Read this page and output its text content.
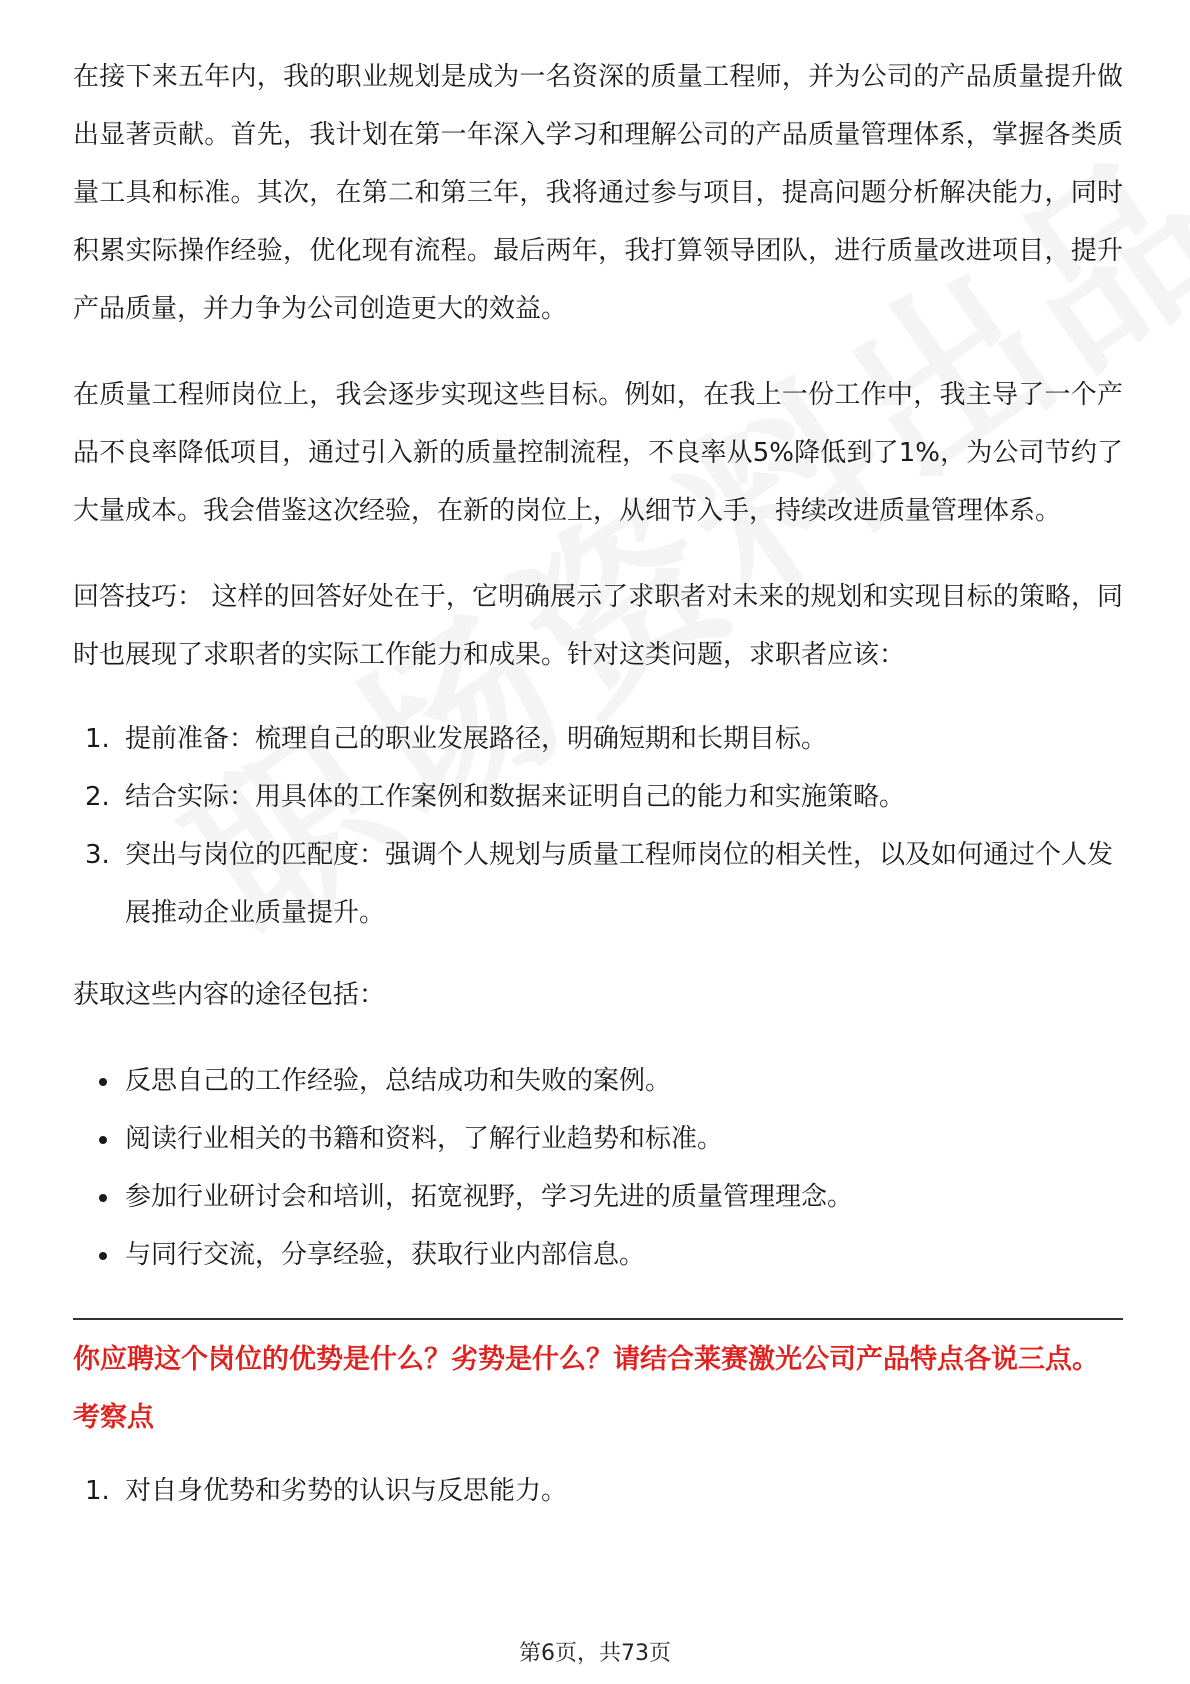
在接下来五年内，我的职业规划是成为一名资深的质量工程师，并为公司的产品质量提升做出显著贡献。首先，我计划在第一年深入学习和理解公司的产品质量管理体系，掌握各类质量工具和标准。其次，在第二和第三年，我将通过参与项目，提高问题分析解决能力，同时积累实际操作经验，优化现有流程。最后两年，我打算领导团队，进行质量改进项目，提升产品质量，并力争为公司创造更大的效益。

在质量工程师岗位上，我会逐步实现这些目标。例如，在我上一份工作中，我主导了一个产品不良率降低项目，通过引入新的质量控制流程，不良率从5%降低到了1%，为公司节约了大量成本。我会借鉴这次经验，在新的岗位上，从细节入手，持续改进质量管理体系。

回答技巧： 这样的回答好处在于，它明确展示了求职者对未来的规划和实现目标的策略，同时也展现了求职者的实际工作能力和成果。针对这类问题，求职者应该：

1. 提前准备：梳理自己的职业发展路径，明确短期和长期目标。
2. 结合实际：用具体的工作案例和数据来证明自己的能力和实施策略。
3. 突出与岗位的匹配度：强调个人规划与质量工程师岗位的相关性，以及如何通过个人发展推动企业质量提升。

获取这些内容的途径包括：

反思自己的工作经验，总结成功和失败的案例。
阅读行业相关的书籍和资料，了解行业趋势和标准。
参加行业研讨会和培训，拓宽视野，学习先进的质量管理理念。
与同行交流，分享经验，获取行业内部信息。
你应聘这个岗位的优势是什么？劣势是什么？请结合莱赛激光公司产品特点各说三点。
考察点
1. 对自身优势和劣势的认识与反思能力。
第6页，共73页
